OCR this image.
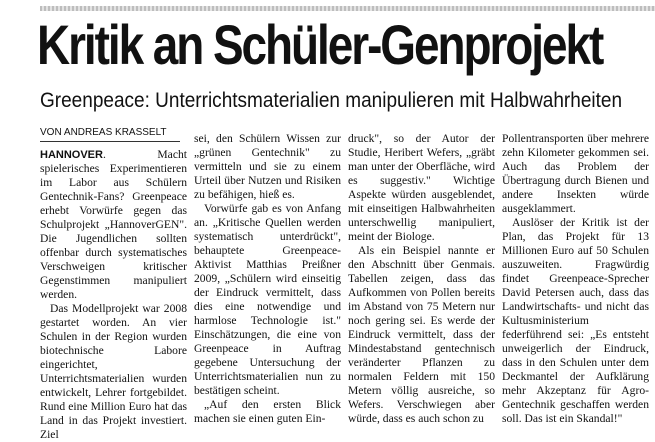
Kritik an Schüler-Genprojekt
Greenpeace: Unterrichtsmaterialien manipulieren mit Halbwahrheiten
VON ANDREAS KRASSELT

HANNOVER. Macht spielerisches Experimentieren im Labor aus Schülern Gentechnik-Fans? Greenpeace erhebt Vorwürfe gegen das Schulprojekt „HannoverGEN". Die Jugendlichen sollten offenbar durch systematisches Verschweigen kritischer Gegenstimmen manipuliert werden.

Das Modellprojekt war 2008 gestartet worden. An vier Schulen in der Region wurden biotechnische Labore eingerichtet, Unterrichtsmaterialien wurden entwickelt, Lehrer fortgebildet. Rund eine Million Euro hat das Land in das Projekt investiert. Ziel

sei, den Schülern Wissen zur „grünen Gentechnik" zu vermitteln und sie zu einem Urteil über Nutzen und Risiken zu befähigen, hieß es.

Vorwürfe gab es von Anfang an. „Kritische Quellen werden systematisch unterdrückt", behauptete Greenpeace-Aktivist Matthias Preißner 2009, „Schülern wird einseitig der Eindruck vermittelt, dass dies eine notwendige und harmlose Technologie ist." Einschätzungen, die eine von Greenpeace in Auftrag gegebene Untersuchung der Unterrichtsmaterialien nun zu bestätigen scheint.

„Auf den ersten Blick machen sie einen guten Ein-

druck", so der Autor der Studie, Heribert Wefers, „gräbt man unter der Oberfläche, wird es suggestiv." Wichtige Aspekte würden ausgeblendet, mit einseitigen Halbwahrheiten unterschwellig manipuliert, meint der Biologe.

Als ein Beispiel nannte er den Abschnitt über Genmais. Tabellen zeigen, dass das Aufkommen von Pollen bereits im Abstand von 75 Metern nur noch gering sei. Es werde der Eindruck vermittelt, dass der Mindestabstand gentechnisch veränderter Pflanzen zu normalen Feldern mit 150 Metern völlig ausreiche, so Wefers. Verschwiegen aber würde, dass es auch schon zu

Pollentransporten über mehrere zehn Kilometer gekommen sei. Auch das Problem der Übertragung durch Bienen und andere Insekten würde ausgeklammert.

Auslöser der Kritik ist der Plan, das Projekt für 13 Millionen Euro auf 50 Schulen auszuweiten. Fragwürdig findet Greenpeace-Sprecher David Petersen auch, dass das Landwirtschafts- und nicht das Kultusministerium federführend sei: „Es entsteht unweigerlich der Eindruck, dass in den Schulen unter dem Deckmantel der Aufklärung mehr Akzeptanz für Agro-Gentechnik geschaffen werden soll. Das ist ein Skandal!"
